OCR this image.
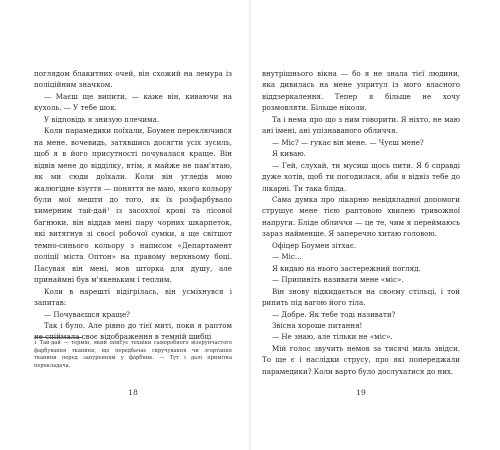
поглядом блакитних очей, він схожий на лемура із поліційним значком.

— Маєш ще випити, — каже він, киваючи на кухоль. — У тебе шок.

У відповідь я знизую плечима.

Коли парамедики поїхали, Боумен переключився на мене, вочевидь, затявшись досягти усіх зусиль, щоб я в його присутності почувалася краще. Він відвів мене до відділку, втім, я майже не пам'ятаю, як ми сюди доїхали. Коли він угледів мою жалюгідне взуття — поняття не маю, якого кольору були мої мешти до того, як їх розфарбувало химерним тай-дай¹ із засохлої крові та лісової багнюки, він віддав мені пару чорних шкарпеток, які витягнув зі своєї робочої сумки, а ще світшот темно-синього кольору з написом «Департамент поліції міста Оптон» на правому верхньому боці. Пасувая він мені, мов шторка для душу, але принаймні був м'якеньким і теплим.

Коли в нарешті відігрілась, він усміхнувся і запитав:

— Почуваєшся краще?

Так і було. Але рівно до тієї миті, поки я раптом не спіймала своє відображення в темній шибці

1 Тай-дай — термін, який описує техніки саморобного візерунчастого фарбування тканини, що передбачає скручування чи згортання тканини перед зануренням у фарбник. — Тут і далі примітка перекладача.
18

внутрішнього вікна — бо я не знала тієї людини, яка дивилась на мене упритул із мого власного віддзеркалення. Тепер я більше не хочу розмовляти. Більше ніколи.

Та і нема про що з ним говорити. Я ніхто, не маю ані імені, ані упізнаваного обличчя.

— Міс? — гукає він мене. — Чуєш мене?

Я киваю.

— Гей, слухай, ти мусиш щось пити. Я б справді дуже хотів, щоб ти погодилася, аби я відвіз тебе до лікарні. Ти така бліда.

Сама думка про лікарню невідкладної допомоги струшує мене тією раптовою хвилею тривожної напруги. Бліде обличчя — це те, чим я переймаюсь зараз найменше. Я заперечно хитаю головою.

Офіцер Боумен зітхає.

— Міс...

Я кидаю на нього застережний погляд.

— Припиніть називати мене «міс».

Він знову відкидається на своєму стільці, і той рипить під вагою його тіла.

— Добре. Як тебе тоді називати?

Звісна хороше питання!

— Не знаю, але тільки не «міс».

Мій голос звучить немов за тисячі миль звідси. То ще є і наслідки струсу, про які попереджали парамедики? Коли варто було дослухатися до них.

19
